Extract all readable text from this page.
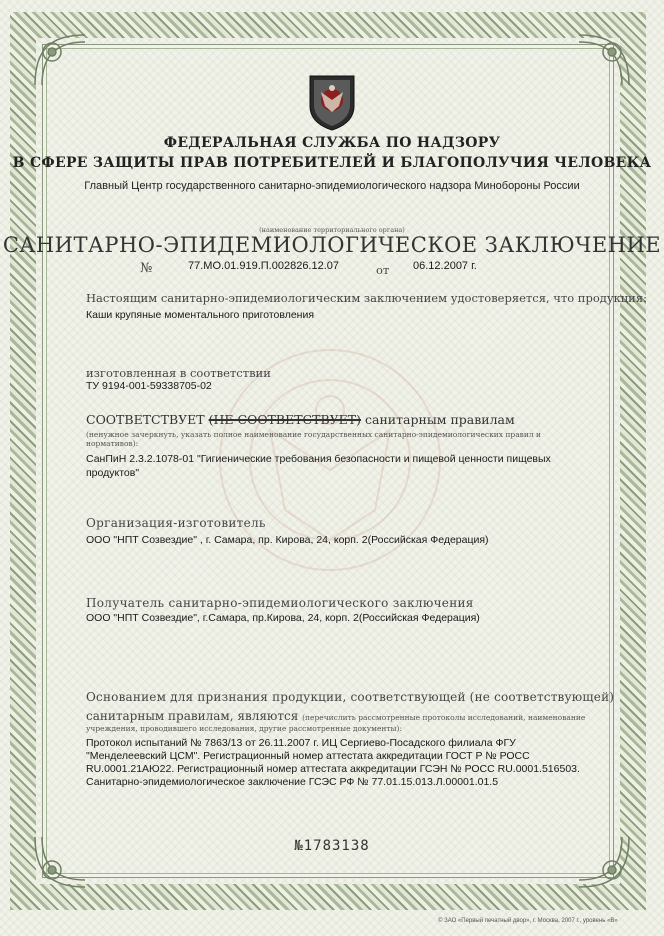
ФЕДЕРАЛЬНАЯ СЛУЖБА ПО НАДЗОРУ
В СФЕРЕ ЗАЩИТЫ ПРАВ ПОТРЕБИТЕЛЕЙ И БЛАГОПОЛУЧИЯ ЧЕЛОВЕКА
Главный Центр государственного санитарно-эпидемиологического надзора Минобороны России
(наименование территориального органа)
САНИТАРНО-ЭПИДЕМИОЛОГИЧЕСКОЕ ЗАКЛЮЧЕНИЕ
№	77.МО.01.919.П.002826.12.07	от 06.12.2007 г.
Настоящим санитарно-эпидемиологическим заключением удостоверяется, что продукция:
Каши крупяные моментального приготовления
изготовленная в соответствии
ТУ 9194-001-59338705-02
СООТВЕТСТВУЕТ (НЕ СООТВЕТСТВУЕТ) санитарным правилам
(ненужное зачеркнуть, указать полное наименование государственных санитарно-эпидемиологических правил и нормативов):
СанПиН 2.3.2.1078-01 "Гигиенические требования безопасности и пищевой ценности пищевых
продуктов"
Организация-изготовитель
ООО "НПТ Созвездие" , г. Самара, пр. Кирова, 24, корп. 2(Российская Федерация)
Получатель санитарно-эпидемиологического заключения
ООО "НПТ Созвездие", г.Самара, пр.Кирова, 24, корп. 2(Российская Федерация)
Основанием для признания продукции, соответствующей (не соответствующей)
санитарным правилам, являются (перечислить рассмотренные протоколы исследований, наименование
учреждения, проводившего исследования, другие рассмотренные документы):
Протокол испытаний № 7863/13 от 26.11.2007 г. ИЦ Сергиево-Посадского филиала ФГУ
"Менделеевский ЦСМ". Регистрационный номер аттестата аккредитации ГОСТ Р № РОСС
RU.0001.21АЮ22. Регистрационный номер аттестата аккредитации ГСЭН № РОСС RU.0001.516503.
Санитарно-эпидемиологическое заключение ГСЭС РФ № 77.01.15.013.Л.00001.01.5
№1783138
© ЗАО «Первый печатный двор», г. Москва, 2007 г., уровень «В»
